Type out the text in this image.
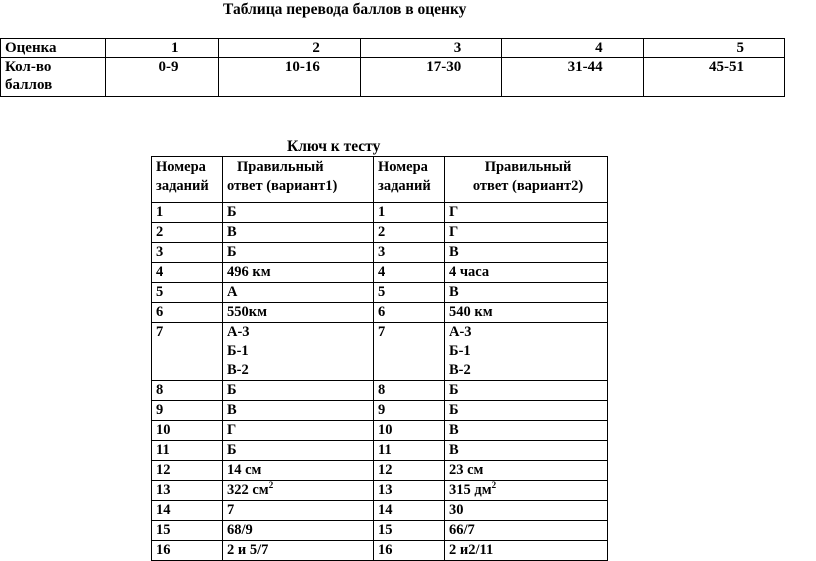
Таблица перевода баллов в оценку
Оценка	1	2	3	4	5

Кол-во
баллов	0-9	10-16	17-30	31-44	45-51
Ключ к тесту
Номера
заданий	Правильный
ответ (вариант1)	Номера
заданий	Правильный
ответ (вариант2)

1	Б	1	Г
2	В	2	Г
3	Б	3	В
4	496 км	4	4 часа
5	А	5	В
6	550км	6	540 км
7	А-3
Б-1
В-2	7	А-3
Б-1
В-2

8	Б	8	Б
9	В	9	Б
10	Г	10	В
11	Б	11	В
12	14 см	12	23 см
13	322 $см^2$	13	315 $дм^2$
14	7	14	30
15	68/9	15	66/7
16	2 и 5/7	16	2 и2/11
